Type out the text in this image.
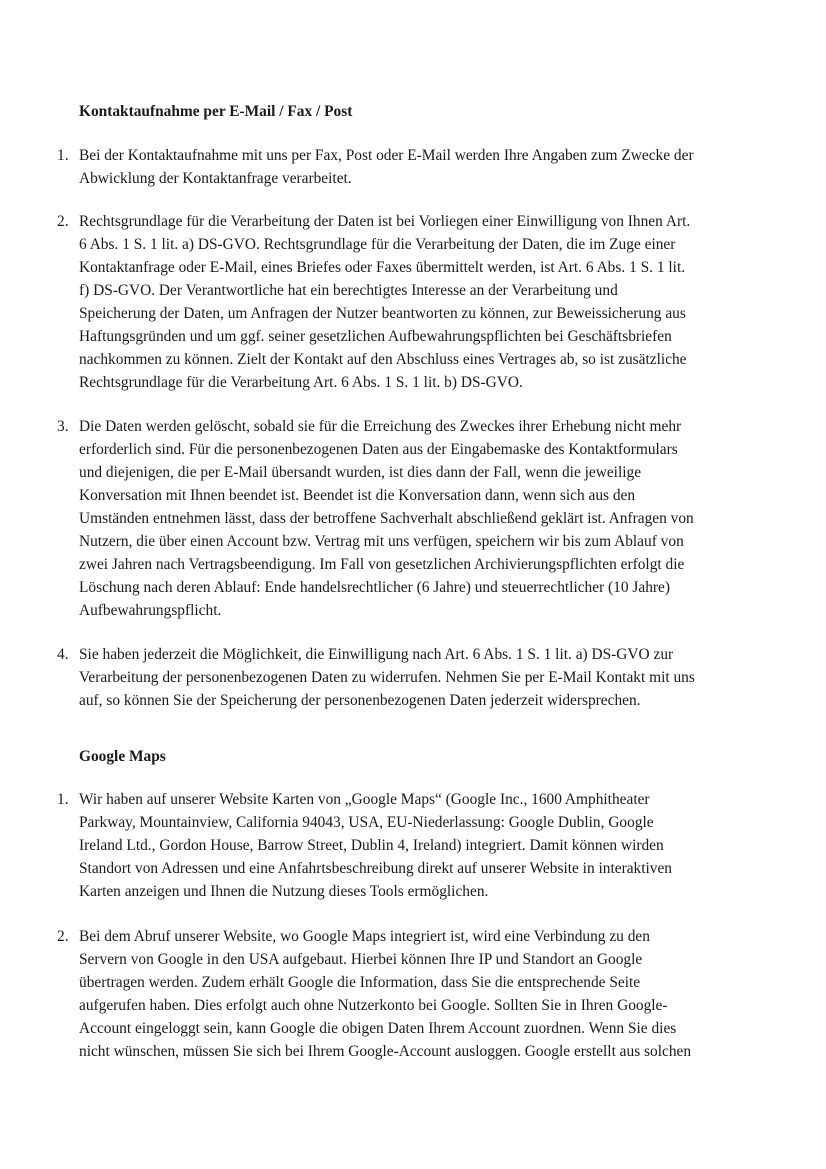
Kontaktaufnahme per E-Mail / Fax / Post
1. Bei der Kontaktaufnahme mit uns per Fax, Post oder E-Mail werden Ihre Angaben zum Zwecke der
Abwicklung der Kontaktanfrage verarbeitet.
2. Rechtsgrundlage für die Verarbeitung der Daten ist bei Vorliegen einer Einwilligung von Ihnen Art.
6 Abs. 1 S. 1 lit. a) DS-GVO. Rechtsgrundlage für die Verarbeitung der Daten, die im Zuge einer
Kontaktanfrage oder E-Mail, eines Briefes oder Faxes übermittelt werden, ist Art. 6 Abs. 1 S. 1 lit.
f) DS-GVO. Der Verantwortliche hat ein berechtigtes Interesse an der Verarbeitung und
Speicherung der Daten, um Anfragen der Nutzer beantworten zu können, zur Beweissicherung aus
Haftungsgründen und um ggf. seiner gesetzlichen Aufbewahrungspflichten bei Geschäftsbriefen
nachkommen zu können. Zielt der Kontakt auf den Abschluss eines Vertrages ab, so ist zusätzliche
Rechtsgrundlage für die Verarbeitung Art. 6 Abs. 1 S. 1 lit. b) DS-GVO.
3. Die Daten werden gelöscht, sobald sie für die Erreichung des Zweckes ihrer Erhebung nicht mehr
erforderlich sind. Für die personenbezogenen Daten aus der Eingabemaske des Kontaktformulars
und diejenigen, die per E-Mail übersandt wurden, ist dies dann der Fall, wenn die jeweilige
Konversation mit Ihnen beendet ist. Beendet ist die Konversation dann, wenn sich aus den
Umständen entnehmen lässt, dass der betroffene Sachverhalt abschließend geklärt ist. Anfragen von
Nutzern, die über einen Account bzw. Vertrag mit uns verfügen, speichern wir bis zum Ablauf von
zwei Jahren nach Vertragsbeendigung. Im Fall von gesetzlichen Archivierungspflichten erfolgt die
Löschung nach deren Ablauf: Ende handelsrechtlicher (6 Jahre) und steuerrechtlicher (10 Jahre)
Aufbewahrungspflicht.
4. Sie haben jederzeit die Möglichkeit, die Einwilligung nach Art. 6 Abs. 1 S. 1 lit. a) DS-GVO zur
Verarbeitung der personenbezogenen Daten zu widerrufen. Nehmen Sie per E-Mail Kontakt mit uns
auf, so können Sie der Speicherung der personenbezogenen Daten jederzeit widersprechen.
Google Maps
1. Wir haben auf unserer Website Karten von „Google Maps“ (Google Inc., 1600 Amphitheater
Parkway, Mountainview, California 94043, USA, EU-Niederlassung: Google Dublin, Google
Ireland Ltd., Gordon House, Barrow Street, Dublin 4, Ireland) integriert. Damit können wirden
Standort von Adressen und eine Anfahrtsbeschreibung direkt auf unserer Website in interaktiven
Karten anzeigen und Ihnen die Nutzung dieses Tools ermöglichen.
2. Bei dem Abruf unserer Website, wo Google Maps integriert ist, wird eine Verbindung zu den
Servern von Google in den USA aufgebaut. Hierbei können Ihre IP und Standort an Google
übertragen werden. Zudem erhält Google die Information, dass Sie die entsprechende Seite
aufgerufen haben. Dies erfolgt auch ohne Nutzerkonto bei Google. Sollten Sie in Ihren Google-
Account eingeloggt sein, kann Google die obigen Daten Ihrem Account zuordnen. Wenn Sie dies
nicht wünschen, müssen Sie sich bei Ihrem Google-Account ausloggen. Google erstellt aus solchen
